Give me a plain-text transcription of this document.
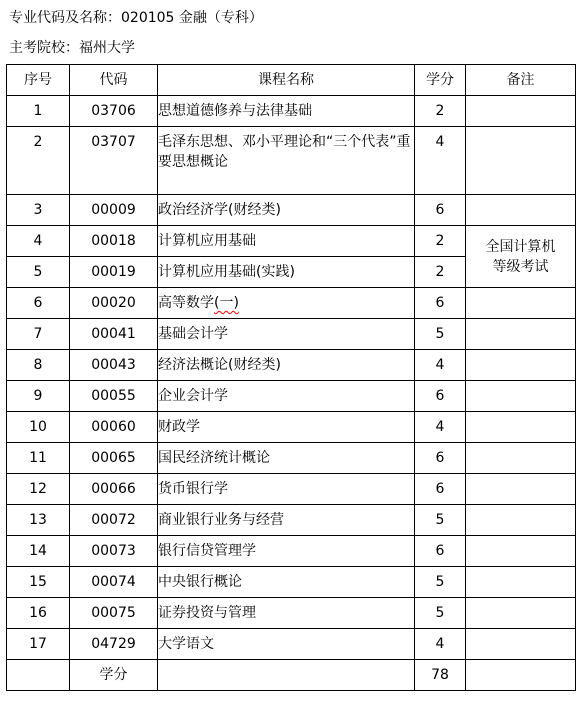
专业代码及名称：020105 金融（专科）
主考院校：福州大学
序号	代码	课程名称	学分	备注
1	03706	思想道德修养与法律基础	2	
2	03707	毛泽东思想、邓小平理论和“三个代表”重要思想概论	4	
3	00009	政治经济学(财经类)	6	
4	00018	计算机应用基础	2	全国计算机
等级考试

5	00019	计算机应用基础(实践)	2	
6	00020	高等数学(一)	6	
7	00041	基础会计学	5	
8	00043	经济法概论(财经类)	4	
9	00055	企业会计学	6	
10	00060	财政学	4	
11	00065	国民经济统计概论	6	
12	00066	货币银行学	6	
13	00072	商业银行业务与经营	5	
14	00073	银行信贷管理学	6	
15	00074	中央银行概论	5	
16	00075	证券投资与管理	5	
17	04729	大学语文	4	
	学分		78	
